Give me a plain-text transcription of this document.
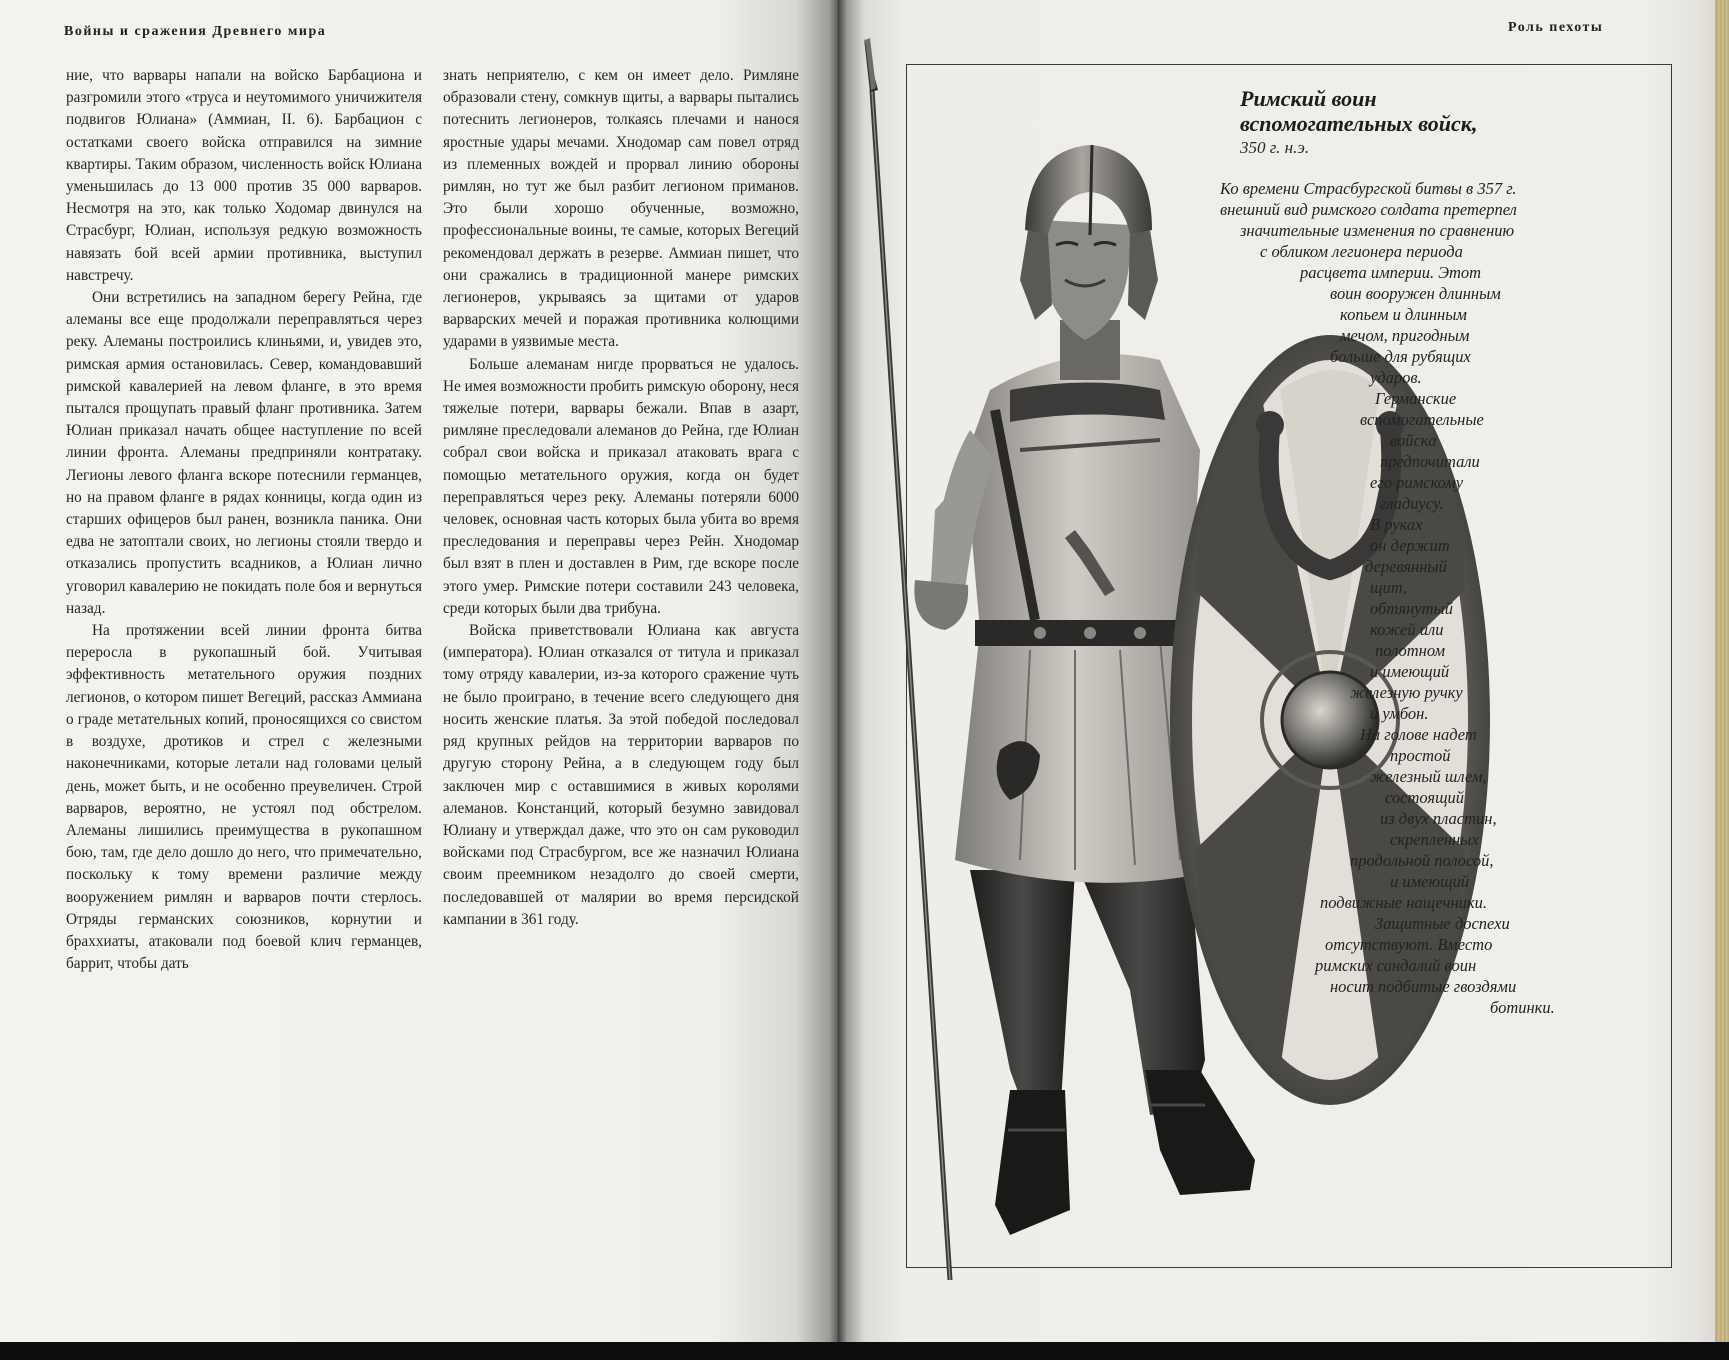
Войны и сражения Древнего мира

ние, что варвары напали на войско Барбациона и разгромили этого «труса и неутомимого уничижителя подвигов Юлиана» (Аммиан, II. 6). Барбацион с остатками своего войска отправился на зимние квартиры. Таким образом, численность войск Юлиана уменьшилась до 13 000 против 35 000 варваров. Несмотря на это, как только Ходомар двинулся на Страсбург, Юлиан, используя редкую возможность навязать бой всей армии противника, выступил навстречу.

Они встретились на западном берегу Рейна, где алеманы все еще продолжали переправляться через реку. Алеманы построились клиньями, и, увидев это, римская армия остановилась. Север, командовавший римской кавалерией на левом фланге, в это время пытался прощупать правый фланг противника. Затем Юлиан приказал начать общее наступление по всей линии фронта. Алеманы предприняли контратаку. Легионы левого фланга вскоре потеснили германцев, но на правом фланге в рядах конницы, когда один из старших офицеров был ранен, возникла паника. Они едва не затоптали своих, но легионы стояли твердо и отказались пропустить всадников, а Юлиан лично уговорил кавалерию не покидать поле боя и вернуться назад.

На протяжении всей линии фронта битва переросла в рукопашный бой. Учитывая эффективность метательного оружия поздних легионов, о котором пишет Вегеций, рассказ Аммиана о граде метательных копий, проносящихся со свистом в воздухе, дротиков и стрел с железными наконечниками, которые летали над головами целый день, может быть, и не особенно преувеличен. Строй варваров, вероятно, не устоял под обстрелом. Алеманы лишились преимущества в рукопашном бою, там, где дело дошло до него, что примечательно, поскольку к тому времени различие между вооружением римлян и варваров почти стерлось. Отряды германских союзников, корнутии и браххиаты, атаковали под боевой клич германцев, баррит, чтобы дать

знать неприятелю, с кем он имеет дело. Римляне образовали стену, сомкнув щиты, а варвары пытались потеснить легионеров, толкаясь плечами и нанося яростные удары мечами. Хнодомар сам повел отряд из племенных вождей и прорвал линию обороны римлян, но тут же был разбит легионом приманов. Это были хорошо обученные, возможно, профессиональные воины, те самые, которых Вегеций рекомендовал держать в резерве. Аммиан пишет, что они сражались в традиционной манере римских легионеров, укрываясь за щитами от ударов варварских мечей и поражая противника колющими ударами в уязвимые места.

Больше алеманам нигде прорваться не удалось. Не имея возможности пробить римскую оборону, неся тяжелые потери, варвары бежали. Впав в азарт, римляне преследовали алеманов до Рейна, где Юлиан собрал свои войска и приказал атаковать врага с помощью метательного оружия, когда он будет переправляться через реку. Алеманы потеряли 6000 человек, основная часть которых была убита во время преследования и переправы через Рейн. Хнодомар был взят в плен и доставлен в Рим, где вскоре после этого умер. Римские потери составили 243 человека, среди которых были два трибуна.

Войска приветствовали Юлиана как августа (императора). Юлиан отказался от титула и приказал тому отряду кавалерии, из-за которого сражение чуть не было проиграно, в течение всего следующего дня носить женские платья. За этой победой последовал ряд крупных рейдов на территории варваров по другую сторону Рейна, а в следующем году был заключен мир с оставшимися в живых королями алеманов. Констанций, который безумно завидовал Юлиану и утверждал даже, что это он сам руководил войсками под Страсбургом, все же назначил Юлиана своим преемником незадолго до своей смерти, последовавшей от малярии во время персидской кампании в 361 году.

Роль пехоты
Римский воин
вспомогательных войск,
350 г. н.э.
Ко времени Страсбургской битвы в 357 г.
внешний вид римского солдата претерпел
значительные изменения по сравнению
с обликом легионера периода
расцвета империи. Этот
воин вооружен длинным
копьем и длинным
мечом, пригодным
больше для рубящих
ударов.
Германские
вспомогательные
войска
предпочитали
его римскому
гладиусу.
В руках
он держит
деревянный
щит,
обтянутый
кожей или
полотном
и имеющий
железную ручку
и умбон.
На голове надет
простой
железный шлем,
состоящий
из двух пластин,
скрепленных
продольной полосой,
и имеющий
подвижные нащечники.
Защитные доспехи
отсутствуют. Вместо
римских сандалий воин
носит подбитые гвоздями
ботинки.
